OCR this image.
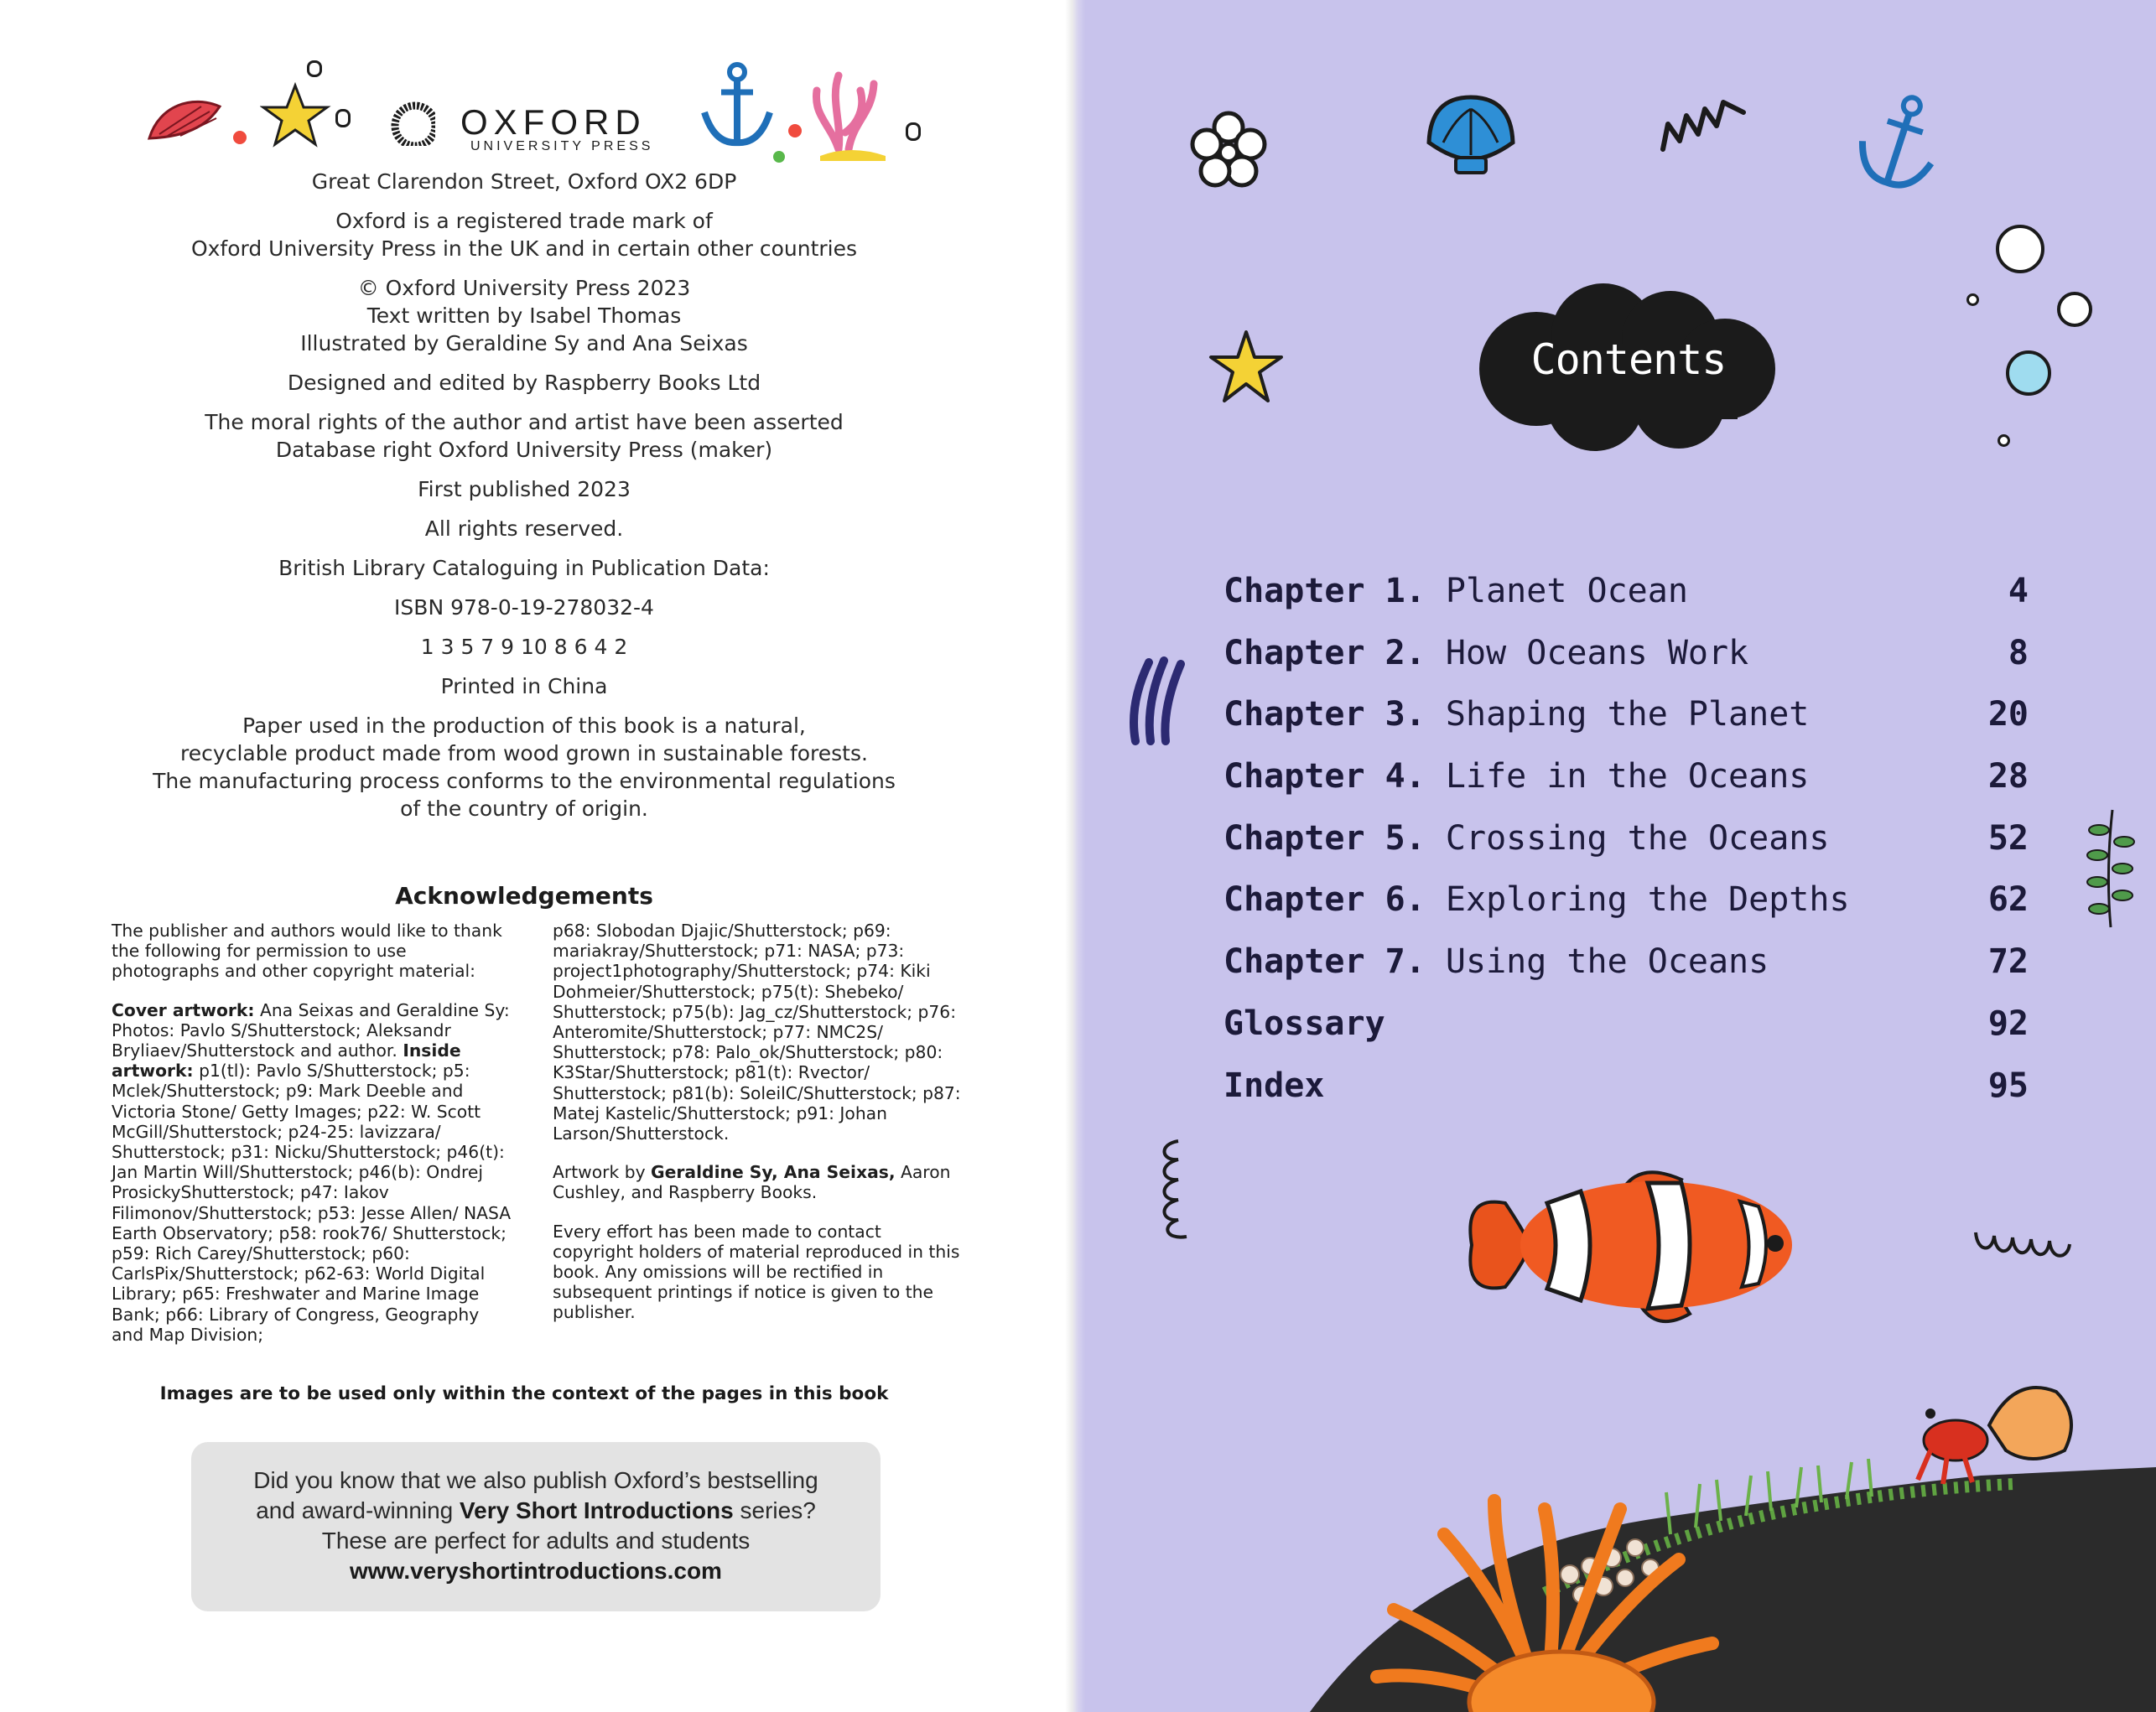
OXFORD
UNIVERSITY PRESS

Great Clarendon Street, Oxford OX2 6DP

Oxford is a registered trade mark of
Oxford University Press in the UK and in certain other countries

© Oxford University Press 2023
Text written by Isabel Thomas
Illustrated by Geraldine Sy and Ana Seixas

Designed and edited by Raspberry Books Ltd

The moral rights of the author and artist have been asserted
Database right Oxford University Press (maker)

First published 2023

All rights reserved.

British Library Cataloguing in Publication Data:

ISBN 978-0-19-278032-4

1 3 5 7 9 10 8 6 4 2

Printed in China

Paper used in the production of this book is a natural,
recyclable product made from wood grown in sustainable forests.
The manufacturing process conforms to the environmental regulations
of the country of origin.

Acknowledgements

The publisher and authors would like to thank the following for permission to use photographs and other copyright material:

Cover artwork: Ana Seixas and Geraldine Sy: Photos: Pavlo S/Shutterstock; Aleksandr Bryliaev/Shutterstock and author. Inside artwork: p1(tl): Pavlo S/Shutterstock; p5: Mclek/Shutterstock; p9: Mark Deeble and Victoria Stone/ Getty Images; p22: W. Scott McGill/Shutterstock; p24-25: lavizzara/ Shutterstock; p31: Nicku/Shutterstock; p46(t): Jan Martin Will/Shutterstock; p46(b): Ondrej ProsickyShutterstock; p47: Iakov Filimonov/Shutterstock; p53: Jesse Allen/ NASA Earth Observatory; p58: rook76/ Shutterstock; p59: Rich Carey/Shutterstock; p60: CarlsPix/Shutterstock; p62-63: World Digital Library; p65: Freshwater and Marine Image Bank; p66: Library of Congress, Geography and Map Division;

p68: Slobodan Djajic/Shutterstock; p69: mariakray/Shutterstock; p71: NASA; p73: project1photography/Shutterstock; p74: Kiki Dohmeier/Shutterstock; p75(t): Shebeko/ Shutterstock; p75(b): Jag_cz/Shutterstock; p76: Anteromite/Shutterstock; p77: NMC2S/ Shutterstock; p78: Palo_ok/Shutterstock; p80: K3Star/Shutterstock; p81(t): Rvector/ Shutterstock; p81(b): SoleilC/Shutterstock; p87: Matej Kastelic/Shutterstock; p91: Johan Larson/Shutterstock.

Artwork by Geraldine Sy, Ana Seixas, Aaron Cushley, and Raspberry Books.

Every effort has been made to contact copyright holders of material reproduced in this book. Any omissions will be rectified in subsequent printings if notice is given to the publisher.

Images are to be used only within the context of the pages in this book
Did you know that we also publish Oxford’s bestselling
and award-winning Very Short Introductions series?
These are perfect for adults and students
www.veryshortintroductions.com
Contents
Chapter 1. Planet Ocean	4
Chapter 2. How Oceans Work	8
Chapter 3. Shaping the Planet	20
Chapter 4. Life in the Oceans	28
Chapter 5. Crossing the Oceans	52
Chapter 6. Exploring the Depths	62
Chapter 7. Using the Oceans	72
Glossary	92
Index	95
